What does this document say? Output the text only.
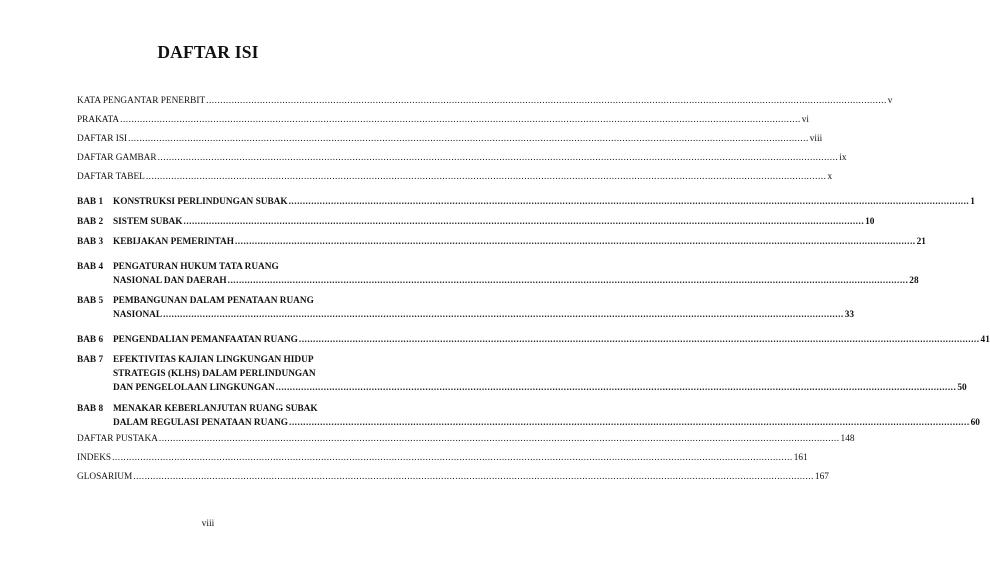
DAFTAR ISI
KATA PENGANTAR PENERBIT .....	v
PRAKATA .....	vi
DAFTAR ISI .....	viii
DAFTAR GAMBAR .....	ix
DAFTAR TABEL .....	x
BAB 1	KONSTRUKSI PERLINDUNGAN SUBAK .....	1
BAB 2	SISTEM SUBAK .....	10
BAB 3	KEBIJAKAN PEMERINTAH .....	21
BAB 4	PENGATURAN HUKUM TATA RUANG
NASIONAL DAN DAERAH .....	28
BAB 5	PEMBANGUNAN DALAM PENATAAN RUANG
NASIONAL .....	33
BAB 6	PENGENDALIAN PEMANFAATAN RUANG .....	41
BAB 7	EFEKTIVITAS KAJIAN LINGKUNGAN HIDUP
STRATEGIS (KLHS) DALAM PERLINDUNGAN
DAN PENGELOLAAN LINGKUNGAN .....	50
BAB 8	MENAKAR KEBERLANJUTAN RUANG SUBAK
DALAM REGULASI PENATAAN RUANG .....	60
DAFTAR PUSTAKA .....	148
INDEKS .....	161
GLOSARIUM .....	167
viii
